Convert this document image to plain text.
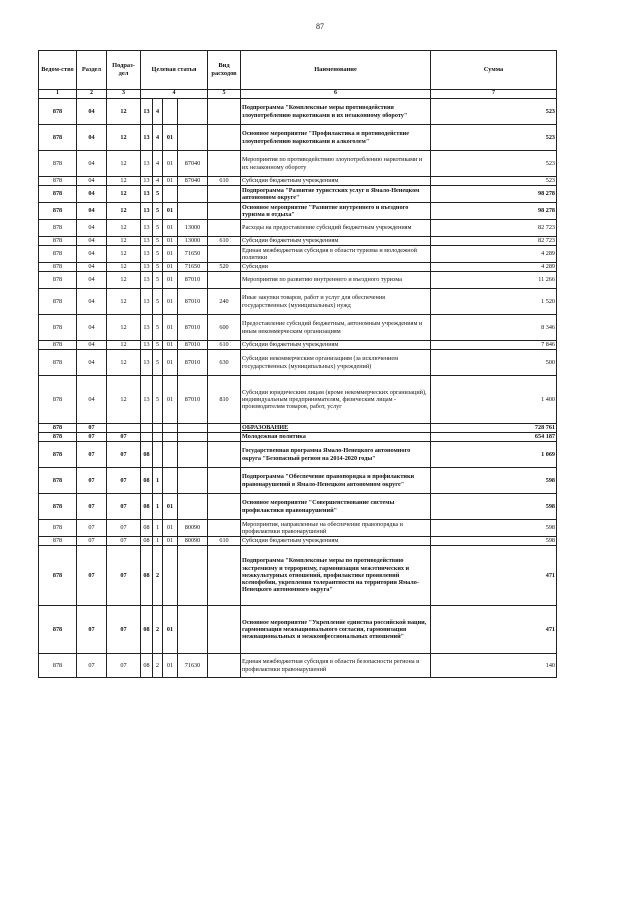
87
Ведом-ство	Раздел	Подраз-дел	Целевая статья				Вид расходов	Наименование	Сумма
1	2	3	4				5	6	7
878	04	12	13	4				Подпрограмма "Комплексные меры противодействия злоупотреблению наркотиками и их незаконному обороту"	523
878	04	12	13	4	01			Основное мероприятие "Профилактика и противодействие злоупотреблению наркотиками и алкоголем"	523
878	04	12	13	4	01	87040		Мероприятия по противодействию злоупотреблению наркотиками и их незаконному обороту	523
878	04	12	13	4	01	87040	610	Субсидии бюджетным учреждениям	523
878	04	12	13	5				Подпрограмма "Развитие туристских услуг в Ямало-Ненецком автономном округе"	98 278
878	04	12	13	5	01			Основное мероприятие "Развитие внутреннего и въездного туризма и отдыха"	98 278
878	04	12	13	5	01	13000		Расходы на предоставление субсидий бюджетным учреждениям	82 723
878	04	12	13	5	01	13000	610	Субсидии бюджетным учреждениям	82 723
878	04	12	13	5	01	71650		Единая межбюджетная субсидия в области туризма и молодежной политики	4 289
878	04	12	13	5	01	71650	520	Субсидии	4 289
878	04	12	13	5	01	87010		Мероприятия по развитию внутреннего и въездного туризма	11 266
878	04	12	13	5	01	87010	240	Иные закупки товаров, работ и услуг для обеспечения государственных (муниципальных) нужд	1 520
878	04	12	13	5	01	87010	600	Предоставление субсидий бюджетным, автономным учреждениям и иным некоммерческим организациям	8 346
878	04	12	13	5	01	87010	610	Субсидии бюджетным учреждениям	7 846
878	04	12	13	5	01	87010	630	Субсидии некоммерческим организациям (за исключением государственных (муниципальных) учреждений)	500
878	04	12	13	5	01	87010	810	Субсидии юридическим лицам (кроме некоммерческих организаций), индивидуальным предпринимателям, физическим лицам - производителям товаров, работ, услуг	1 400
878	07							ОБРАЗОВАНИЕ	728 761
878	07	07						Молодежная политика	654 187
878	07	07	08					Государственная программа Ямало-Ненецкого автономного округа "Безопасный регион на 2014-2020 годы"	1 069
878	07	07	08	1				Подпрограмма "Обеспечение правопорядка и профилактики правонарушений в Ямало-Ненецком автономном округе"	598
878	07	07	08	1	01			Основное мероприятие "Совершенствование системы профилактики правонарушений"	598
878	07	07	08	1	01	80090		Мероприятия, направленные на обеспечение правопорядка и профилактики правонарушений	598
878	07	07	08	1	01	80090	610	Субсидии бюджетным учреждениям	598
878	07	07	08	2				Подпрограмма "Комплексные меры по противодействию экстремизму и терроризму, гармонизация межэтнических и межкультурных отношений, профилактике проявлений ксенофобии, укрепления толерантности на территории Ямало-Ненецкого автономного округа"	471
878	07	07	08	2	01			Основное мероприятие "Укрепление единства российской нации, гармонизация межнационального согласия, гармонизация межнациональных и межконфессиональных отношений"	471
878	07	07	08	2	01	71630		Единая межбюджетная субсидия в области безопасности региона и профилактики правонарушений	140
